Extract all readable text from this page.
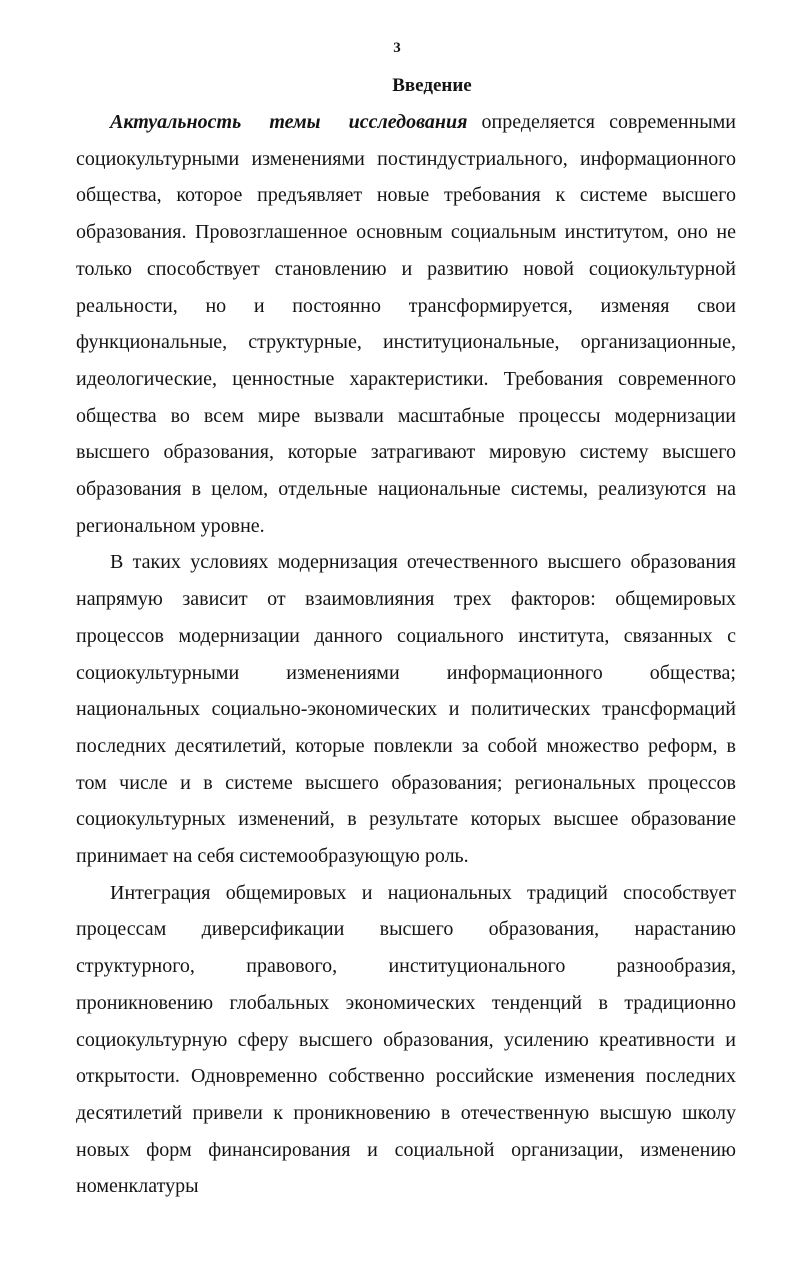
3
Введение

Актуальность темы исследования определяется современными социокультурными изменениями постиндустриального, информационного общества, которое предъявляет новые требования к системе высшего образования. Провозглашенное основным социальным институтом, оно не только способствует становлению и развитию новой социокультурной реальности, но и постоянно трансформируется, изменяя свои функциональные, структурные, институциональные, организационные, идеологические, ценностные характеристики. Требования современного общества во всем мире вызвали масштабные процессы модернизации высшего образования, которые затрагивают мировую систему высшего образования в целом, отдельные национальные системы, реализуются на региональном уровне.

В таких условиях модернизация отечественного высшего образования напрямую зависит от взаимовлияния трех факторов: общемировых процессов модернизации данного социального института, связанных с социокультурными изменениями информационного общества; национальных социально-экономических и политических трансформаций последних десятилетий, которые повлекли за собой множество реформ, в том числе и в системе высшего образования; региональных процессов социокультурных изменений, в результате которых высшее образование принимает на себя системообразующую роль.

Интеграция общемировых и национальных традиций способствует процессам диверсификации высшего образования, нарастанию структурного, правового, институционального разнообразия, проникновению глобальных экономических тенденций в традиционно социокультурную сферу высшего образования, усилению креативности и открытости. Одновременно собственно российские изменения последних десятилетий привели к проникновению в отечественную высшую школу новых форм финансирования и социальной организации, изменению номенклатуры
